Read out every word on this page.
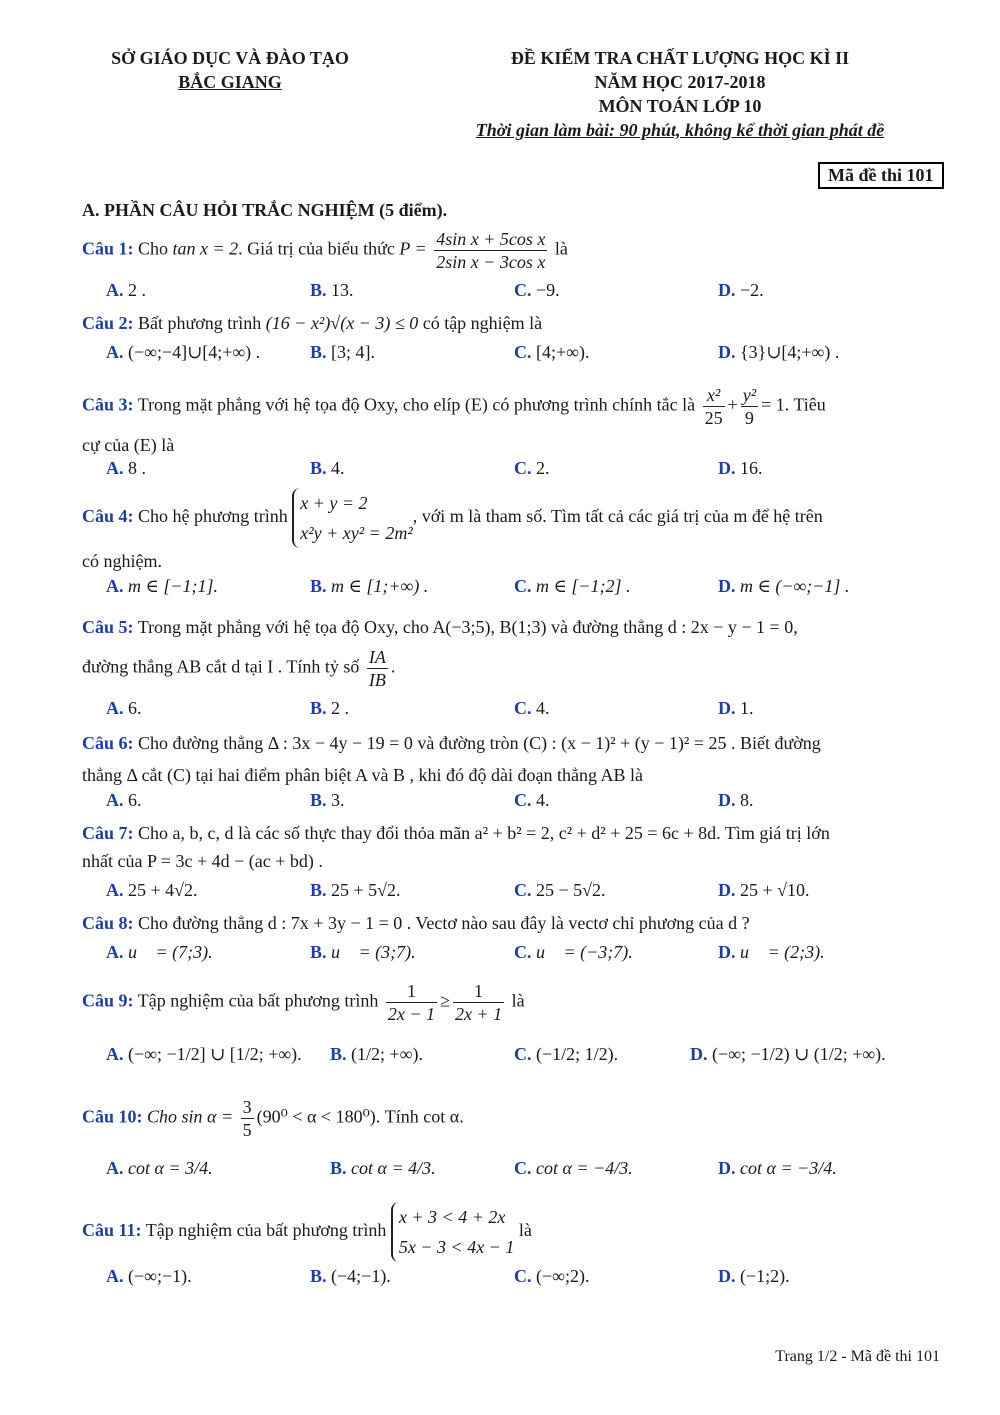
SỞ GIÁO DỤC VÀ ĐÀO TẠO
BẮC GIANG
ĐỀ KIỂM TRA CHẤT LƯỢNG HỌC KÌ II
NĂM HỌC 2017-2018
MÔN TOÁN LỚP 10
Thời gian làm bài: 90 phút, không kể thời gian phát đề
Mã đề thi 101
A. PHẦN CÂU HỎI TRẮC NGHIỆM (5 điểm).
Câu 1: Cho tan x = 2. Giá trị của biểu thức $P = \frac{\text{4sin x + 5cos x}}{\text{2sin x − 3cos x}}$ là
A. 2 .	B. 13.	C. −9.	D. −2.
Câu 2: Bất phương trình (16 − x²)√(x − 3) ≤ 0 có tập nghiệm là
A. (−∞;−4]∪[4;+∞) .	B. [3; 4].	C. [4;+∞).	D. {3}∪[4;+∞) .
Câu 3: Trong mặt phẳng với hệ tọa độ Oxy, cho elíp (E) có phương trình chính tắc là $\frac{\text{x²}}{25} + \frac{\text{y²}}{9} = 1$. Tiêu
cự của (E) là
A. 8 .	B. 4.	C. 2.	D. 16.
Câu 4: Cho hệ phương trình
x + y = 2
x²y + xy² = 2m²
, với m là tham số. Tìm tất cả các giá trị của m để hệ trên
có nghiệm.
A. m ∈ [−1;1].	B. m ∈ [1;+∞) .	C. m ∈ [−1;2] .	D. m ∈ (−∞;−1] .
Câu 5: Trong mặt phẳng với hệ tọa độ Oxy, cho A(−3;5), B(1;3) và đường thẳng d : 2x − y − 1 = 0,
đường thẳng AB cắt d tại I . Tính tỷ số $\frac{IA}{IB}$ .
A. 6.	B. 2 .	C. 4.	D. 1.
Câu 6: Cho đường thẳng Δ : 3x − 4y − 19 = 0 và đường tròn (C) : (x − 1)² + (y − 1)² = 25 . Biết đường
thẳng Δ cắt (C) tại hai điểm phân biệt A và B , khi đó độ dài đoạn thẳng AB là
A. 6.	B. 3.	C. 4.	D. 8.
Câu 7: Cho a, b, c, d là các số thực thay đổi thỏa mãn a² + b² = 2, c² + d² + 25 = 6c + 8d. Tìm giá trị lớn
nhất của P = 3c + 4d − (ac + bd) .
A. 25 + 4√2.	B. 25 + 5√2.	C. 25 − 5√2.	D. 25 + √10.
Câu 8: Cho đường thẳng d : 7x + 3y − 1 = 0 . Vectơ nào sau đây là vectơ chỉ phương của d ?
A. u⃗ = (7;3).	B. u⃗ = (3;7).	C. u⃗ = (−3;7).	D. u⃗ = (2;3).
Câu 9: Tập nghiệm của bất phương trình $\frac{1}{2x - 1} \ge \frac{1}{2x + 1}$ là
A. (−∞; −1/2] ∪ [1/2; +∞). B. (1/2; +∞).	C. (−1/2; 1/2).	D. (−∞; −1/2) ∪ (1/2; +∞).
Câu 10: Cho $\sin \alpha = \frac{3}{5} (90^0 < \alpha < 180^0)$. Tính cot α.
A. cot α = 3/4.	B. cot α = 4/3.	C. cot α = −4/3.	D. cot α = −3/4.
Câu 11: Tập nghiệm của bất phương trình
x + 3 < 4 + 2x
5x − 3 < 4x − 1
là
A. (−∞;−1).	B. (−4;−1).	C. (−∞;2).	D. (−1;2).
Trang 1/2 - Mã đề thi 101
